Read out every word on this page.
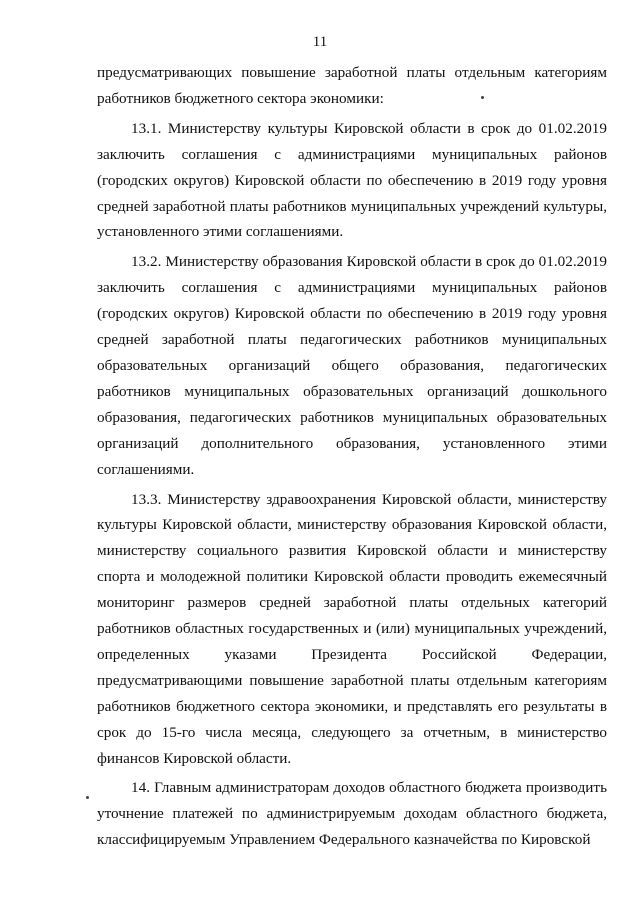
11

предусматривающих повышение заработной платы отдельным категориям работников бюджетного сектора экономики:

13.1. Министерству культуры Кировской области в срок до 01.02.2019 заключить соглашения с администрациями муниципальных районов (городских округов) Кировской области по обеспечению в 2019 году уровня средней заработной платы работников муниципальных учреждений культуры, установленного этими соглашениями.

13.2. Министерству образования Кировской области в срок до 01.02.2019 заключить соглашения с администрациями муниципальных районов (городских округов) Кировской области по обеспечению в 2019 году уровня средней заработной платы педагогических работников муниципальных образовательных организаций общего образования, педагогических работников муниципальных образовательных организаций дошкольного образования, педагогических работников муниципальных образовательных организаций дополнительного образования, установленного этими соглашениями.

13.3. Министерству здравоохранения Кировской области, министерству культуры Кировской области, министерству образования Кировской области, министерству социального развития Кировской области и министерству спорта и молодежной политики Кировской области проводить ежемесячный мониторинг размеров средней заработной платы отдельных категорий работников областных государственных и (или) муниципальных учреждений, определенных указами Президента Российской Федерации, предусматривающими повышение заработной платы отдельным категориям работников бюджетного сектора экономики, и представлять его результаты в срок до 15-го числа месяца, следующего за отчетным, в министерство финансов Кировской области.

14. Главным администраторам доходов областного бюджета производить уточнение платежей по администрируемым доходам областного бюджета, классифицируемым Управлением Федерального казначейства по Кировской
